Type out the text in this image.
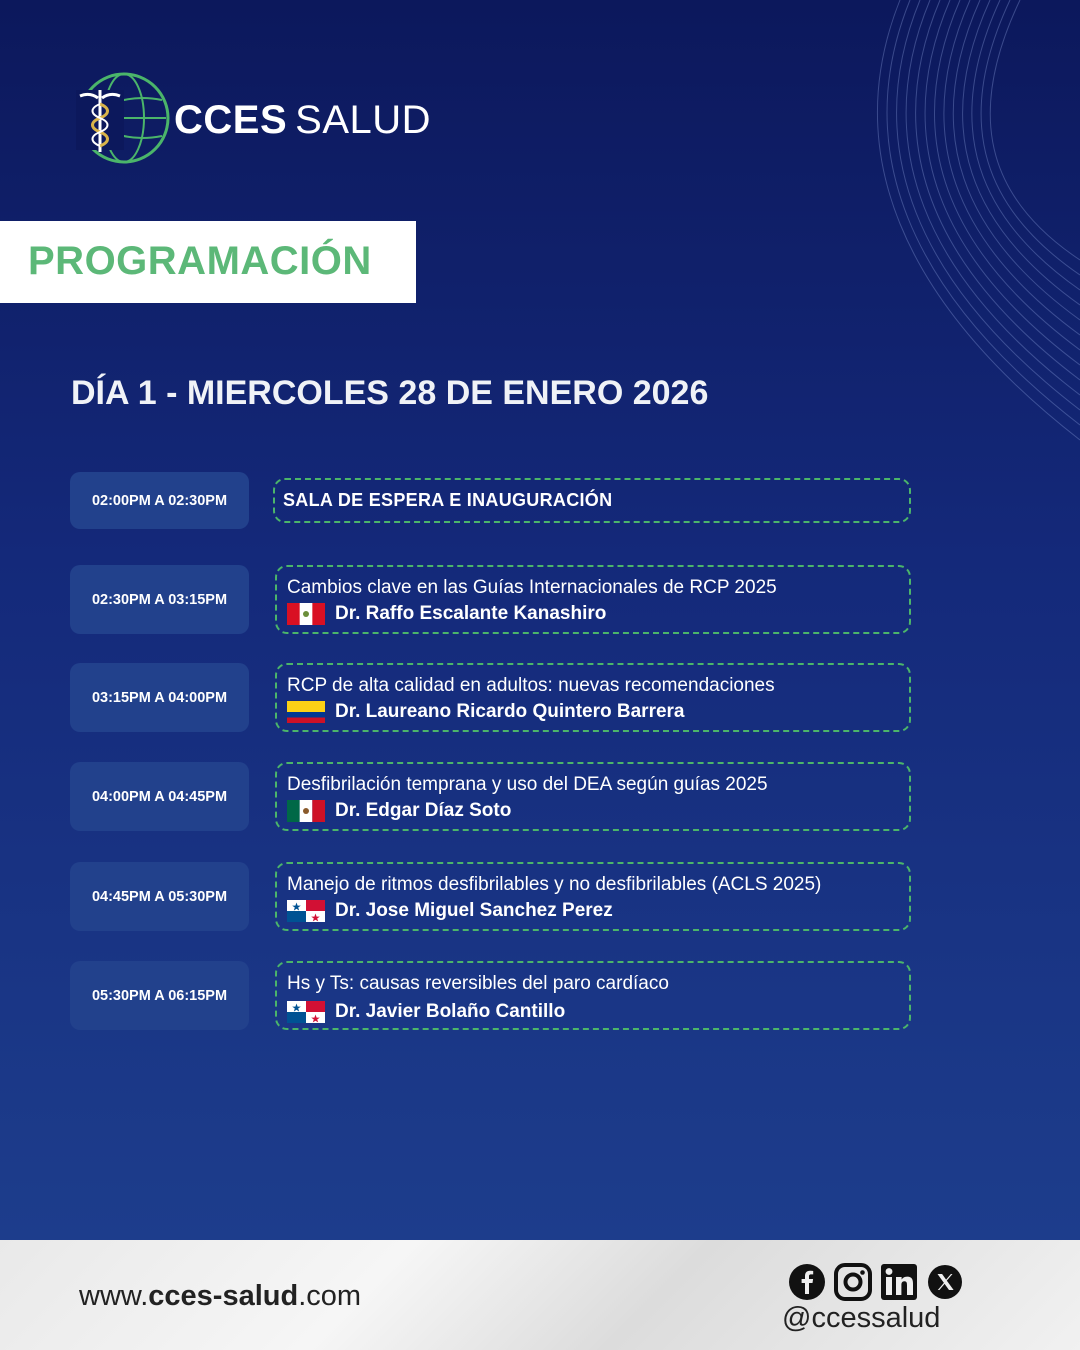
CCES SALUD
PROGRAMACIÓN
DÍA 1 - MIERCOLES 28 DE ENERO 2026
02:00PM A 02:30PM	SALA DE ESPERA E INAUGURACIÓN
02:30PM A 03:15PM
Cambios clave en las Guías Internacionales de RCP 2025
Dr. Raffo Escalante Kanashiro
03:15PM A 04:00PM
RCP de alta calidad en adultos: nuevas recomendaciones
Dr. Laureano Ricardo Quintero Barrera
04:00PM A 04:45PM
Desfibrilación temprana y uso del DEA según guías 2025
Dr. Edgar Díaz Soto
04:45PM A 05:30PM
Manejo de ritmos desfibrilables y no desfibrilables (ACLS 2025)
Dr. Jose Miguel Sanchez Perez
05:30PM A 06:15PM
Hs y Ts: causas reversibles del paro cardíaco
Dr. Javier Bolaño Cantillo
www.cces-salud.com
@ccessalud
